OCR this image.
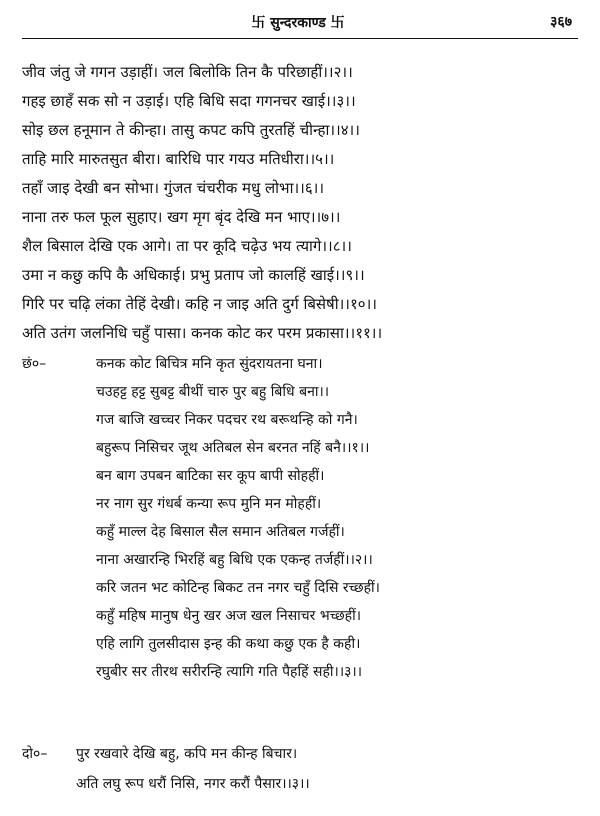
卐 सुन्दरकाण्ड 卐	३६७
जीव जंतु जे गगन उड़ाहीं। जल बिलोकि तिन कै परिछाहीं।।२।।
गहइ छाहँ सक सो न उड़ाई। एहि बिधि सदा गगनचर खाई।।३।।
सोइ छल हनूमान ते कीन्हा। तासु कपट कपि तुरतहिं चीन्हा।।४।।
ताहि मारि मारुतसुत बीरा। बारिधि पार गयउ मतिधीरा।।५।।
तहाँ जाइ देखी बन सोभा। गुंजत चंचरीक मधु लोभा।।६।।
नाना तरु फल फूल सुहाए। खग मृग बृंद देखि मन भाए।।७।।
शैल बिसाल देखि एक आगे। ता पर कूदि चढ़ेउ भय त्यागे।।८।।
उमा न कछु कपि कै अधिकाई। प्रभु प्रताप जो कालहिं खाई।।९।।
गिरि पर चढ़ि लंका तेहिं देखी। कहि न जाइ अति दुर्ग बिसेषी।।१०।।
अति उतंग जलनिधि चहुँ पासा। कनक कोट कर परम प्रकासा।।११।।
छं०–	कनक कोट बिचित्र मनि कृत सुंदरायतना घना।
चउहट्ट हट्ट सुबट्ट बीथीं चारु पुर बहु बिधि बना।।
गज बाजि खच्चर निकर पदचर रथ बरूथन्हि को गनै।
बहुरूप निसिचर जूथ अतिबल सेन बरनत नहिं बनै।।१।।
बन बाग उपबन बाटिका सर कूप बापी सोहहीं।
नर नाग सुर गंधर्ब कन्या रूप मुनि मन मोहहीं।
कहुँ माल्ल देह बिसाल सैल समान अतिबल गर्जहीं।
नाना अखारन्हि भिरहिं बहु बिधि एक एकन्ह तर्जहीं।।२।।
करि जतन भट कोटिन्ह बिकट तन नगर चहुँ दिसि रच्छहीं।
कहुँ महिष मानुष धेनु खर अज खल निसाचर भच्छहीं।
एहि लागि तुलसीदास इन्ह की कथा कछु एक है कही।
रघुबीर सर तीरथ सरीरन्हि त्यागि गति पैहहिं सही।।३।।
दो०– पुर रखवारे देखि बहु, कपि मन कीन्ह बिचार।
अति लघु रूप धरौं निसि, नगर करौं पैसार।।३।।
